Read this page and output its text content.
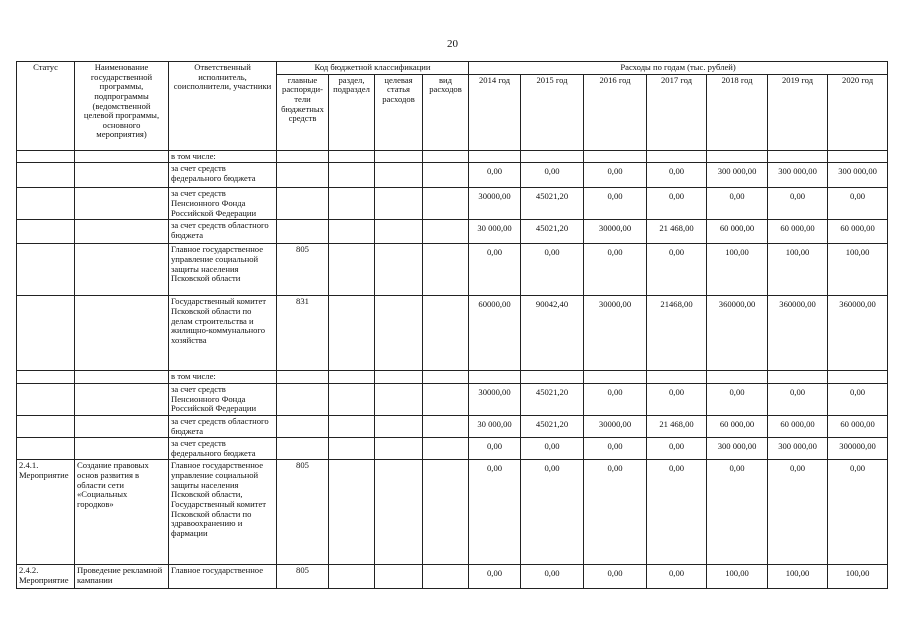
20
Статус	Наименование государственной программы, подпрограммы (ведомственной целевой программы, основного мероприятия)	Ответственный исполнитель, соисполнители, участники	Код бюджетной классификации				Расходы по годам (тыс. рублей)						
			главные распоряди-тели бюджетных средств	раздел, подраздел	целевая статья расходов	вид расходов	2014 год	2015 год	2016 год	2017 год	2018 год	2019 год	2020 год
		в том числе:											
		за счет средств федерального бюджета					0,00	0,00	0,00	0,00	300 000,00	300 000,00	300 000,00
		за счет средств Пенсионного Фонда Российской Федерации					30000,00	45021,20	0,00	0,00	0,00	0,00	0,00
		за счет средств областного бюджета					30 000,00	45021,20	30000,00	21 468,00	60 000,00	60 000,00	60 000,00
		Главное государственное управление социальной защиты населения Псковской области	805				0,00	0,00	0,00	0,00	100,00	100,00	100,00
		Государственный комитет Псковской области по делам строительства и жилищно-коммунального хозяйства	831				60000,00	90042,40	30000,00	21468,00	360000,00	360000,00	360000,00
		в том числе:											
		за счет средств Пенсионного Фонда Российской Федерации					30000,00	45021,20	0,00	0,00	0,00	0,00	0,00
		за счет средств областного бюджета					30 000,00	45021,20	30000,00	21 468,00	60 000,00	60 000,00	60 000,00
		за счет средств федерального бюджета					0,00	0,00	0,00	0,00	300 000,00	300 000,00	300000,00
2.4.1. Мероприятие	Создание правовых основ развития в области сети «Социальных городков»	Главное государственное управление социальной защиты населения Псковской области, Государственный комитет Псковской области по здравоохранению и фармации	805				0,00	0,00	0,00	0,00	0,00	0,00	0,00
2.4.2. Мероприятие	Проведение рекламной кампании	Главное государственное	805				0,00	0,00	0,00	0,00	100,00	100,00	100,00
